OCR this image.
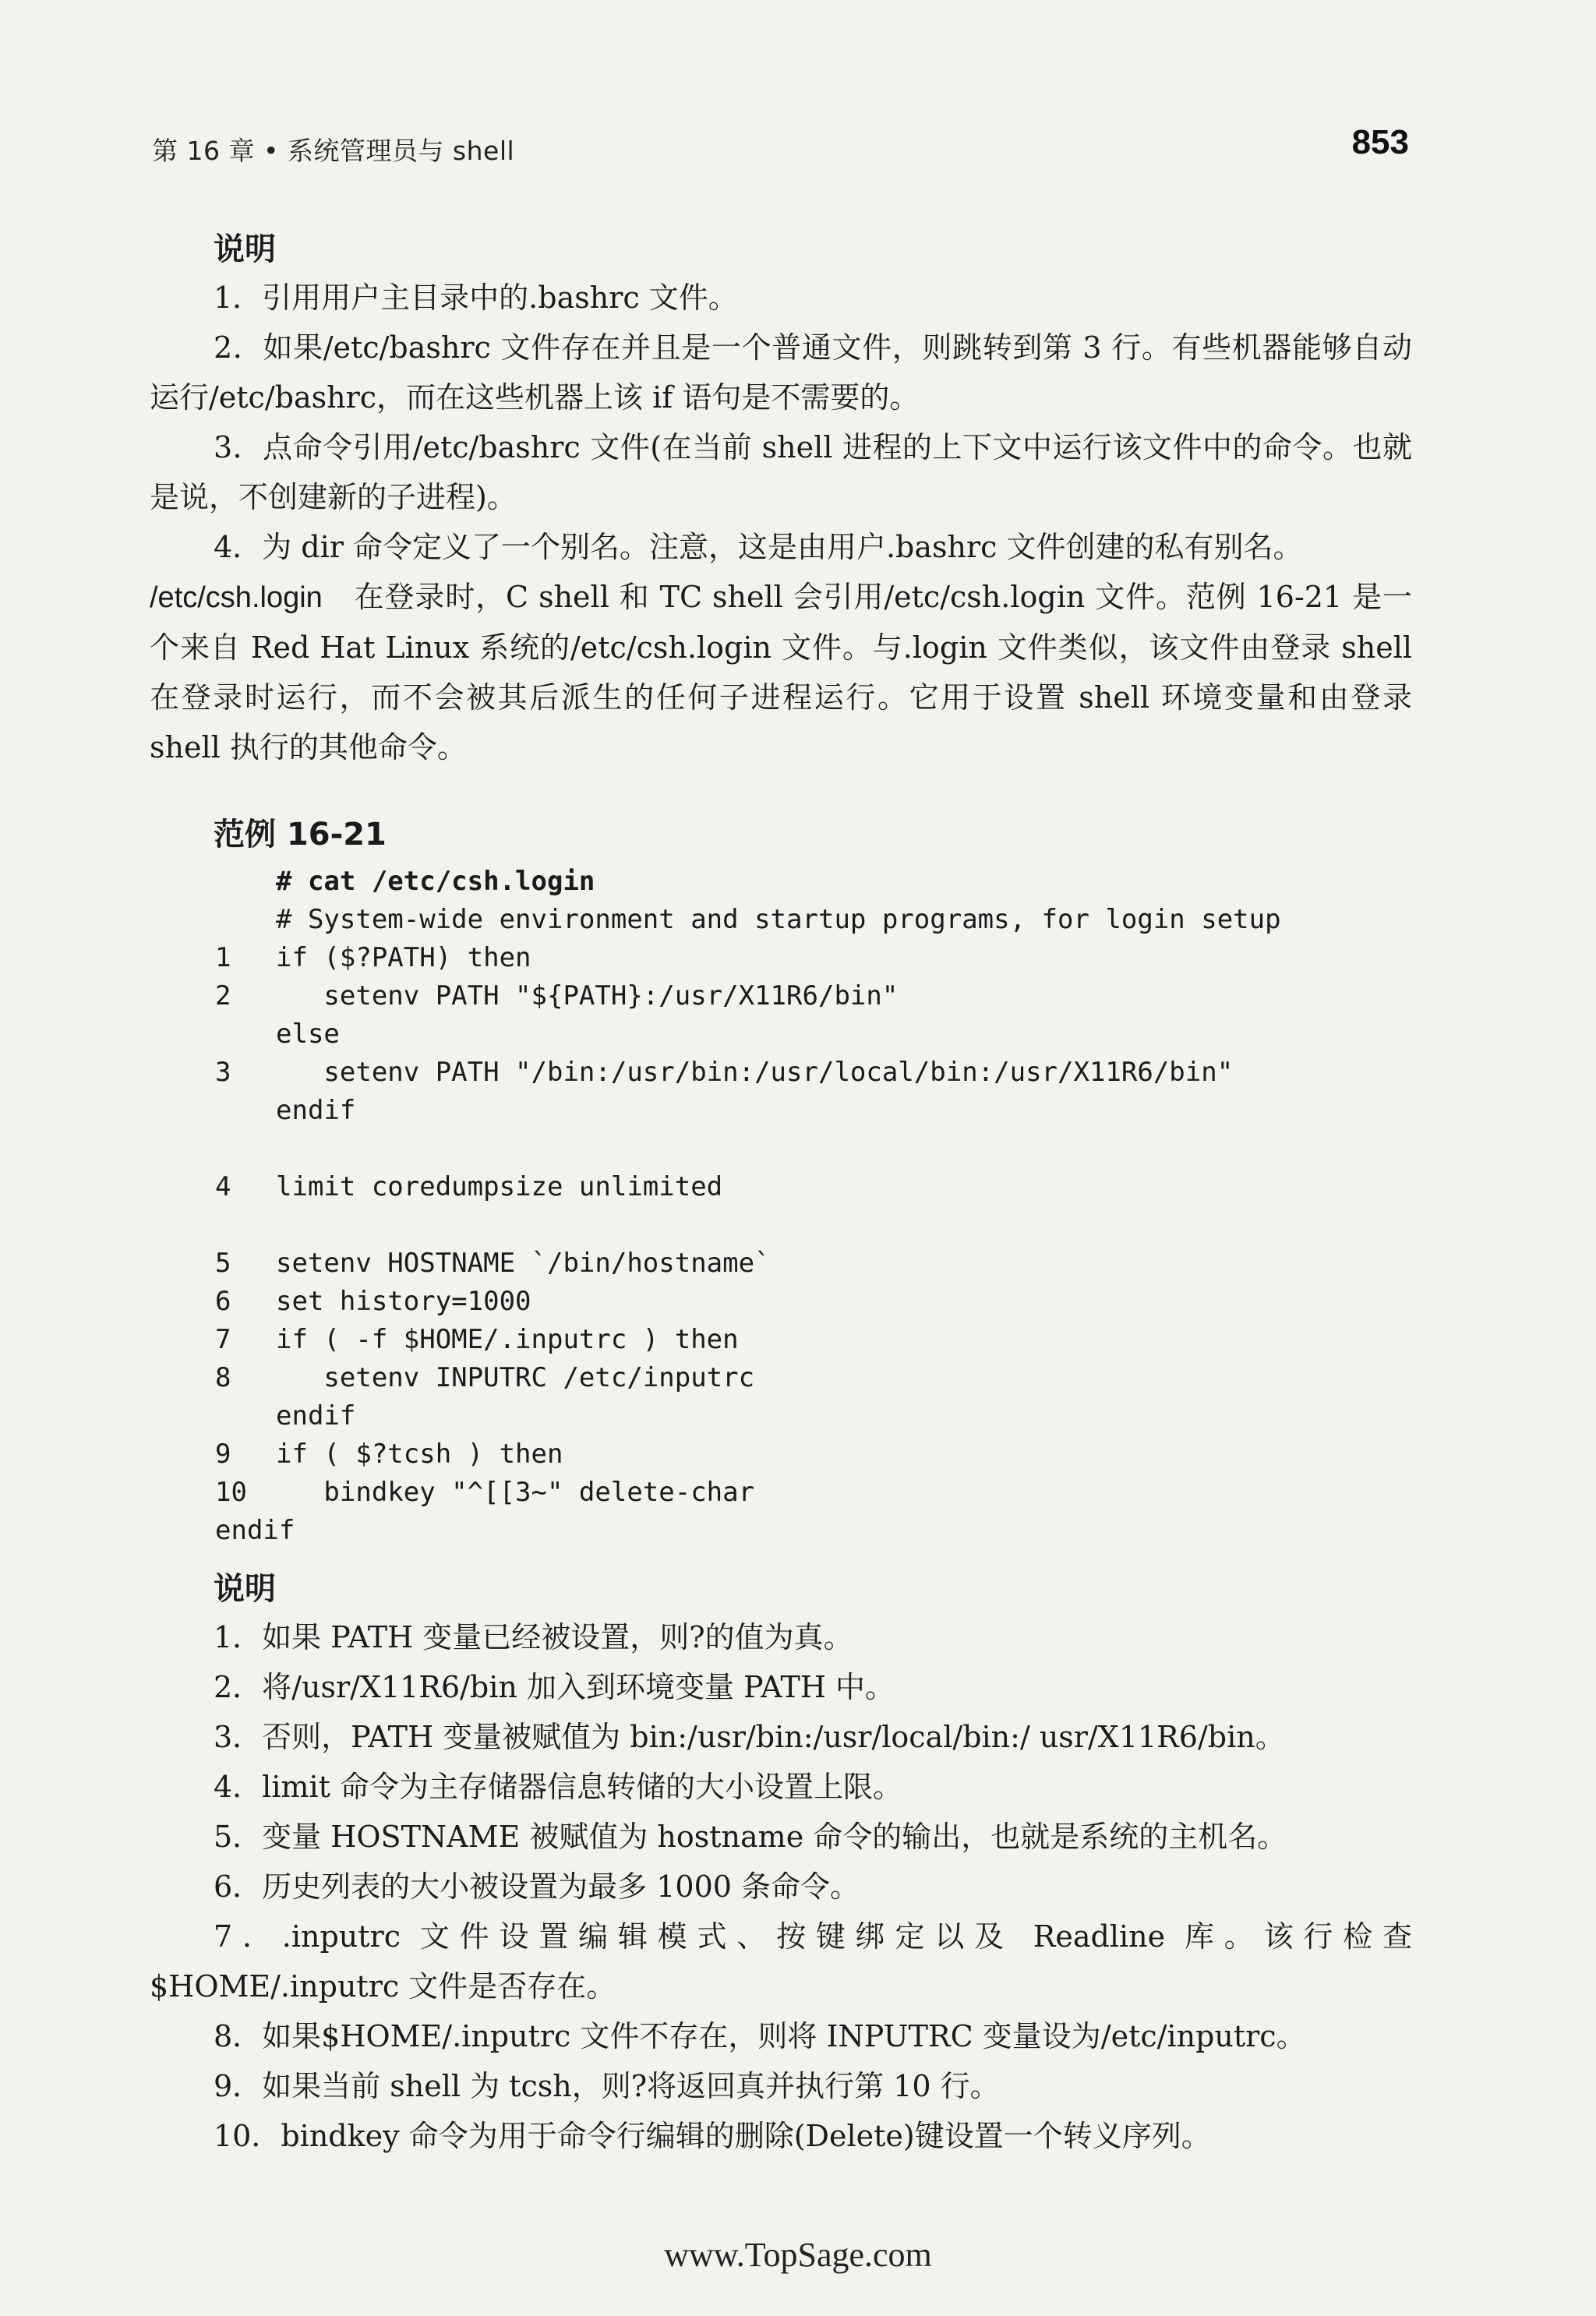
第 16 章 • 系统管理员与 shell	853
说明

1．引用用户主目录中的.bashrc 文件。

2．如果/etc/bashrc 文件存在并且是一个普通文件，则跳转到第 3 行。有些机器能够自动运行/etc/bashrc，而在这些机器上该 if 语句是不需要的。

3．点命令引用/etc/bashrc 文件(在当前 shell 进程的上下文中运行该文件中的命令。也就是说，不创建新的子进程)。

4．为 dir 命令定义了一个别名。注意，这是由用户.bashrc 文件创建的私有别名。

/etc/csh.login 在登录时，C shell 和 TC shell 会引用/etc/csh.login 文件。范例 16-21 是一个来自 Red Hat Linux 系统的/etc/csh.login 文件。与.login 文件类似，该文件由登录 shell 在登录时运行，而不会被其后派生的任何子进程运行。它用于设置 shell 环境变量和由登录 shell 执行的其他命令。

范例 16-21
# cat /etc/csh.login
# System-wide environment and startup programs, for login setup
1	if ($?PATH) then
2	setenv PATH "${PATH}:/usr/X11R6/bin"
else
3	setenv PATH "/bin:/usr/bin:/usr/local/bin:/usr/X11R6/bin"
endif
4	limit coredumpsize unlimited
5	setenv HOSTNAME `/bin/hostname`
6	set history=1000
7	if ( -f $HOME/.inputrc ) then
8	setenv INPUTRC /etc/inputrc
endif
9	if ( $?tcsh ) then
10	bindkey "^[[3~" delete-char
endif
说明

1．如果 PATH 变量已经被设置，则?的值为真。

2．将/usr/X11R6/bin 加入到环境变量 PATH 中。

3．否则，PATH 变量被赋值为 bin:/usr/bin:/usr/local/bin:/ usr/X11R6/bin。

4．limit 命令为主存储器信息转储的大小设置上限。

5．变量 HOSTNAME 被赋值为 hostname 命令的输出，也就是系统的主机名。

6．历史列表的大小被设置为最多 1000 条命令。

7．.inputrc 文件设置编辑模式、按键绑定以及 Readline 库。该行检查$HOME/.inputrc 文件是否存在。

8．如果$HOME/.inputrc 文件不存在，则将 INPUTRC 变量设为/etc/inputrc。

9．如果当前 shell 为 tcsh，则?将返回真并执行第 10 行。

10．bindkey 命令为用于命令行编辑的删除(Delete)键设置一个转义序列。

www.TopSage.com
